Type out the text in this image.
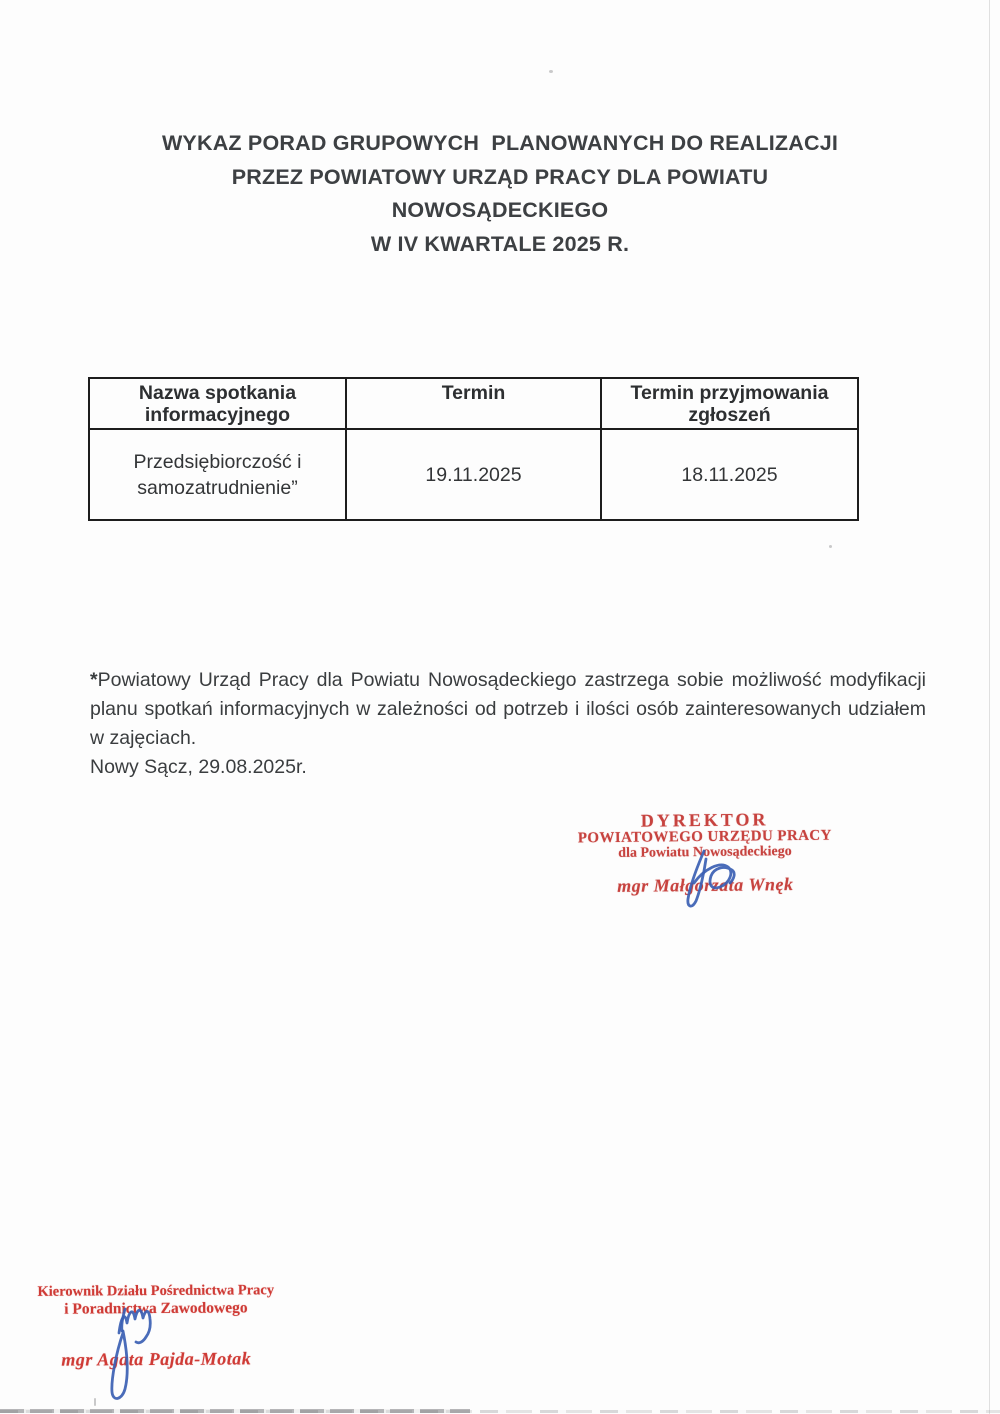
WYKAZ PORAD GRUPOWYCH  PLANOWANYCH DO REALIZACJI
PRZEZ POWIATOWY URZĄD PRACY DLA POWIATU
NOWOSĄDECKIEGO
W IV KWARTALE 2025 R.
Nazwa spotkania informacyjnego	Termin	Termin przyjmowania zgłoszeń
Przedsiębiorczość i samozatrudnienie”	19.11.2025	18.11.2025

*Powiatowy Urząd Pracy dla Powiatu Nowosądeckiego zastrzega sobie możliwość modyfikacji planu spotkań informacyjnych w zależności od potrzeb i ilości osób zainteresowanych udziałem w zajęciach.

Nowy Sącz, 29.08.2025r.
DYREKTOR
POWIATOWEGO URZĘDU PRACY
dla Powiatu Nowosądeckiego
mgr Małgorzata Wnęk
Kierownik Działu Pośrednictwa Pracy
i Poradnictwa Zawodowego
mgr Agata Pajda-Motak
